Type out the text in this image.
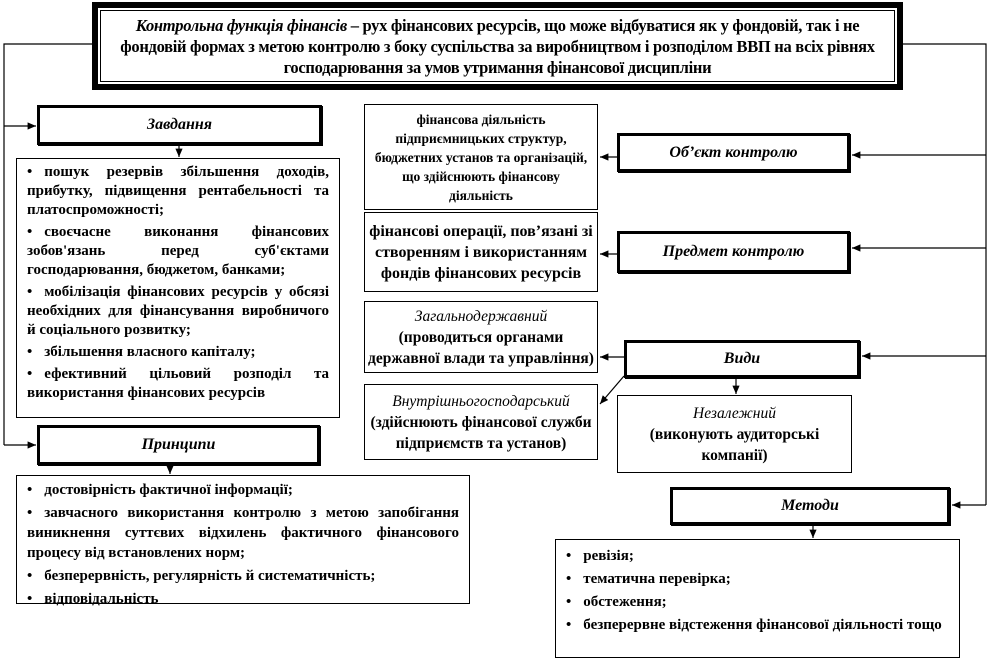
Контрольна функція фінансів – рух фінансових ресурсів, що може відбуватися як у фондовій, так і не фондовій формах з метою контролю з боку суспільства за виробництвом і розподілом ВВП на всіх рівнях господарювання за умов утримання фінансової дисципліни
Завдання

• пошук резервів збільшення доходів, прибутку, підвищення рентабельності та платоспроможності;

• своєчасне виконання фінансових зобов'язань перед суб'єктами господарювання, бюджетом, банками;

• мобілізація фінансових ресурсів у обсязі необхідних для фінансування виробничого й соціального розвитку;

• збільшення власного капіталу;

• ефективний цільовий розподіл та використання фінансових ресурсів

Принципи

• достовірність фактичної інформації;

• завчасного використання контролю з метою запобігання виникнення суттєвих відхилень фактичного фінансового процесу від встановлених норм;

• безперервність, регулярність й систематичність;

• відповідальність

фінансова діяльність підприємницьких структур, бюджетних установ та організацій, що здійснюють фінансову діяльність
Об’єкт контролю
фінансові операції, пов’язані зі створенням і використанням фондів фінансових ресурсів
Предмет контролю
Загальнодержавний
(проводиться органами державної влади та управління)
Внутрішньогосподарський
(здійснюють фінансової служби підприємств та установ)
Види
Незалежний
(виконують аудиторські компанії)
Методи

• ревізія;

• тематична перевірка;

• обстеження;

• безперервне відстеження фінансової діяльності тощо
